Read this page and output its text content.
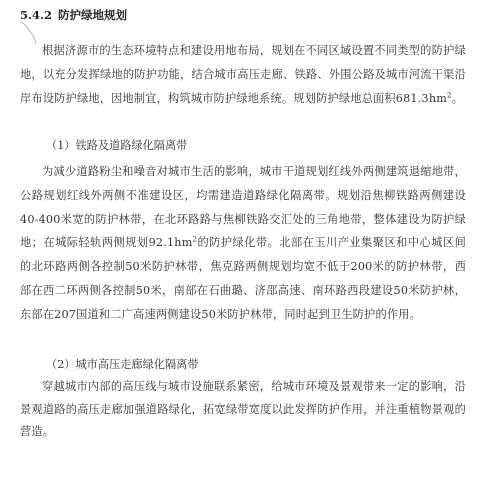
5.4.2 防护绿地规划
根据济源市的生态环境特点和建设用地布局，规划在不同区域设置不同类型的防护绿地，以充分发挥绿地的防护功能，结合城市高压走廊、铁路、外围公路及城市河流干渠沿岸布设防护绿地，因地制宜，构筑城市防护绿地系统。规划防护绿地总面积$681.3hm^2$。
（1）铁路及道路绿化隔离带
为减少道路粉尘和噪音对城市生活的影响，城市干道规划红线外两侧建筑退缩地带，公路规划红线外两侧不准建设区，均需建造道路绿化隔离带。规划沿焦柳铁路两侧建设40-400米宽的防护林带，在北环路路与焦柳铁路交汇处的三角地带，整体建设为防护绿地；在城际轻轨两侧规划$92.1hm^2$的防护绿化带。北部在玉川产业集聚区和中心城区间的北环路两侧各控制50米防护林带，焦克路两侧规划均宽不低于200米的防护林带，西部在西二环两侧各控制50米，南部在石曲璐、济邵高速、南环路西段建设50米防护林，东部在207国道和二广高速两侧建设50米防护林带，同时起到卫生防护的作用。
（2）城市高压走廊绿化隔离带
穿越城市内部的高压线与城市设施联系紧密，给城市环境及景观带来一定的影响，沿景观道路的高压走廊加强道路绿化，拓宽绿带宽度以此发挥防护作用，并注重植物景观的营造。
